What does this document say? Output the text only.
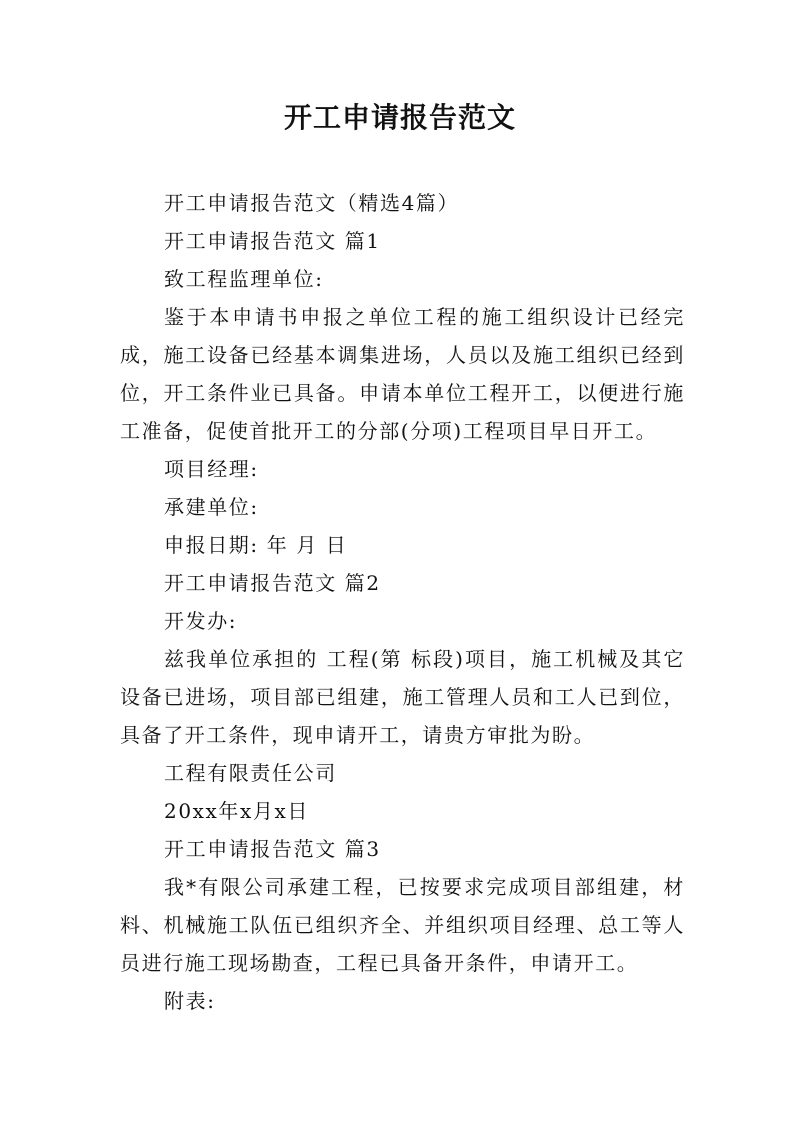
开工申请报告范文

开工申请报告范文（精选4篇）

开工申请报告范文 篇1

致工程监理单位:

鉴于本申请书申报之单位工程的施工组织设计已经完成，施工设备已经基本调集进场，人员以及施工组织已经到位，开工条件业已具备。申请本单位工程开工，以便进行施工准备，促使首批开工的分部(分项)工程项目早日开工。

项目经理:

承建单位:

申报日期: 年 月 日

开工申请报告范文 篇2

开发办:

兹我单位承担的 工程(第 标段)项目，施工机械及其它设备已进场，项目部已组建，施工管理人员和工人已到位，具备了开工条件，现申请开工，请贵方审批为盼。

工程有限责任公司

20xx年x月x日

开工申请报告范文 篇3

我*有限公司承建工程，已按要求完成项目部组建，材料、机械施工队伍已组织齐全、并组织项目经理、总工等人员进行施工现场勘查，工程已具备开条件，申请开工。

附表:
